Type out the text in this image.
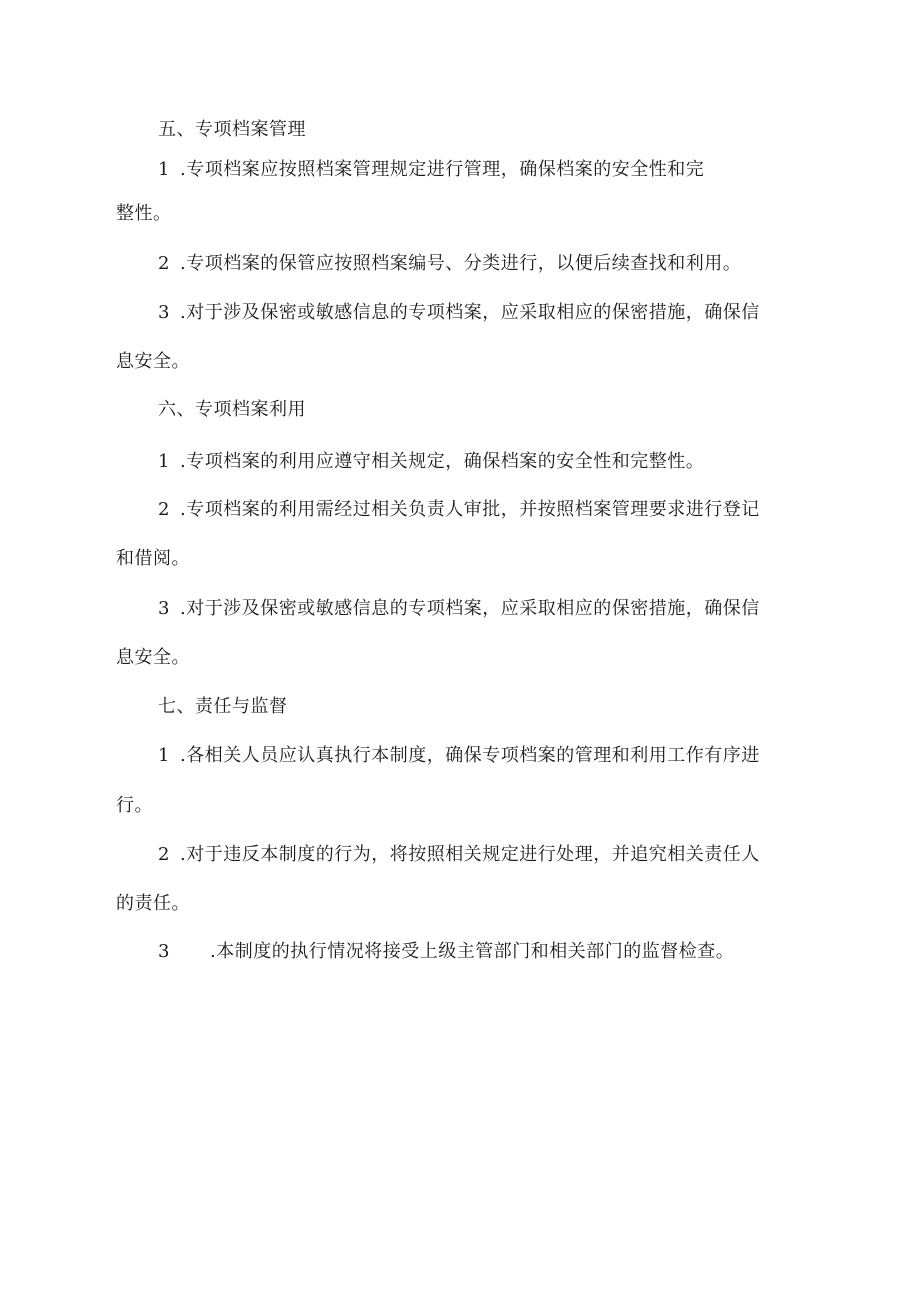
五、专项档案管理
1 .专项档案应按照档案管理规定进行管理，确保档案的安全性和完
整性。
2 .专项档案的保管应按照档案编号、分类进行，以便后续查找和利用。
3 .对于涉及保密或敏感信息的专项档案，应采取相应的保密措施，确保信
息安全。
六、专项档案利用
1 .专项档案的利用应遵守相关规定，确保档案的安全性和完整性。
2 .专项档案的利用需经过相关负责人审批，并按照档案管理要求进行登记
和借阅。
3 .对于涉及保密或敏感信息的专项档案，应采取相应的保密措施，确保信
息安全。
七、责任与监督
1 .各相关人员应认真执行本制度，确保专项档案的管理和利用工作有序进
行。
2 .对于违反本制度的行为，将按照相关规定进行处理，并追究相关责任人
的责任。
3 .本制度的执行情况将接受上级主管部门和相关部门的监督检查。
